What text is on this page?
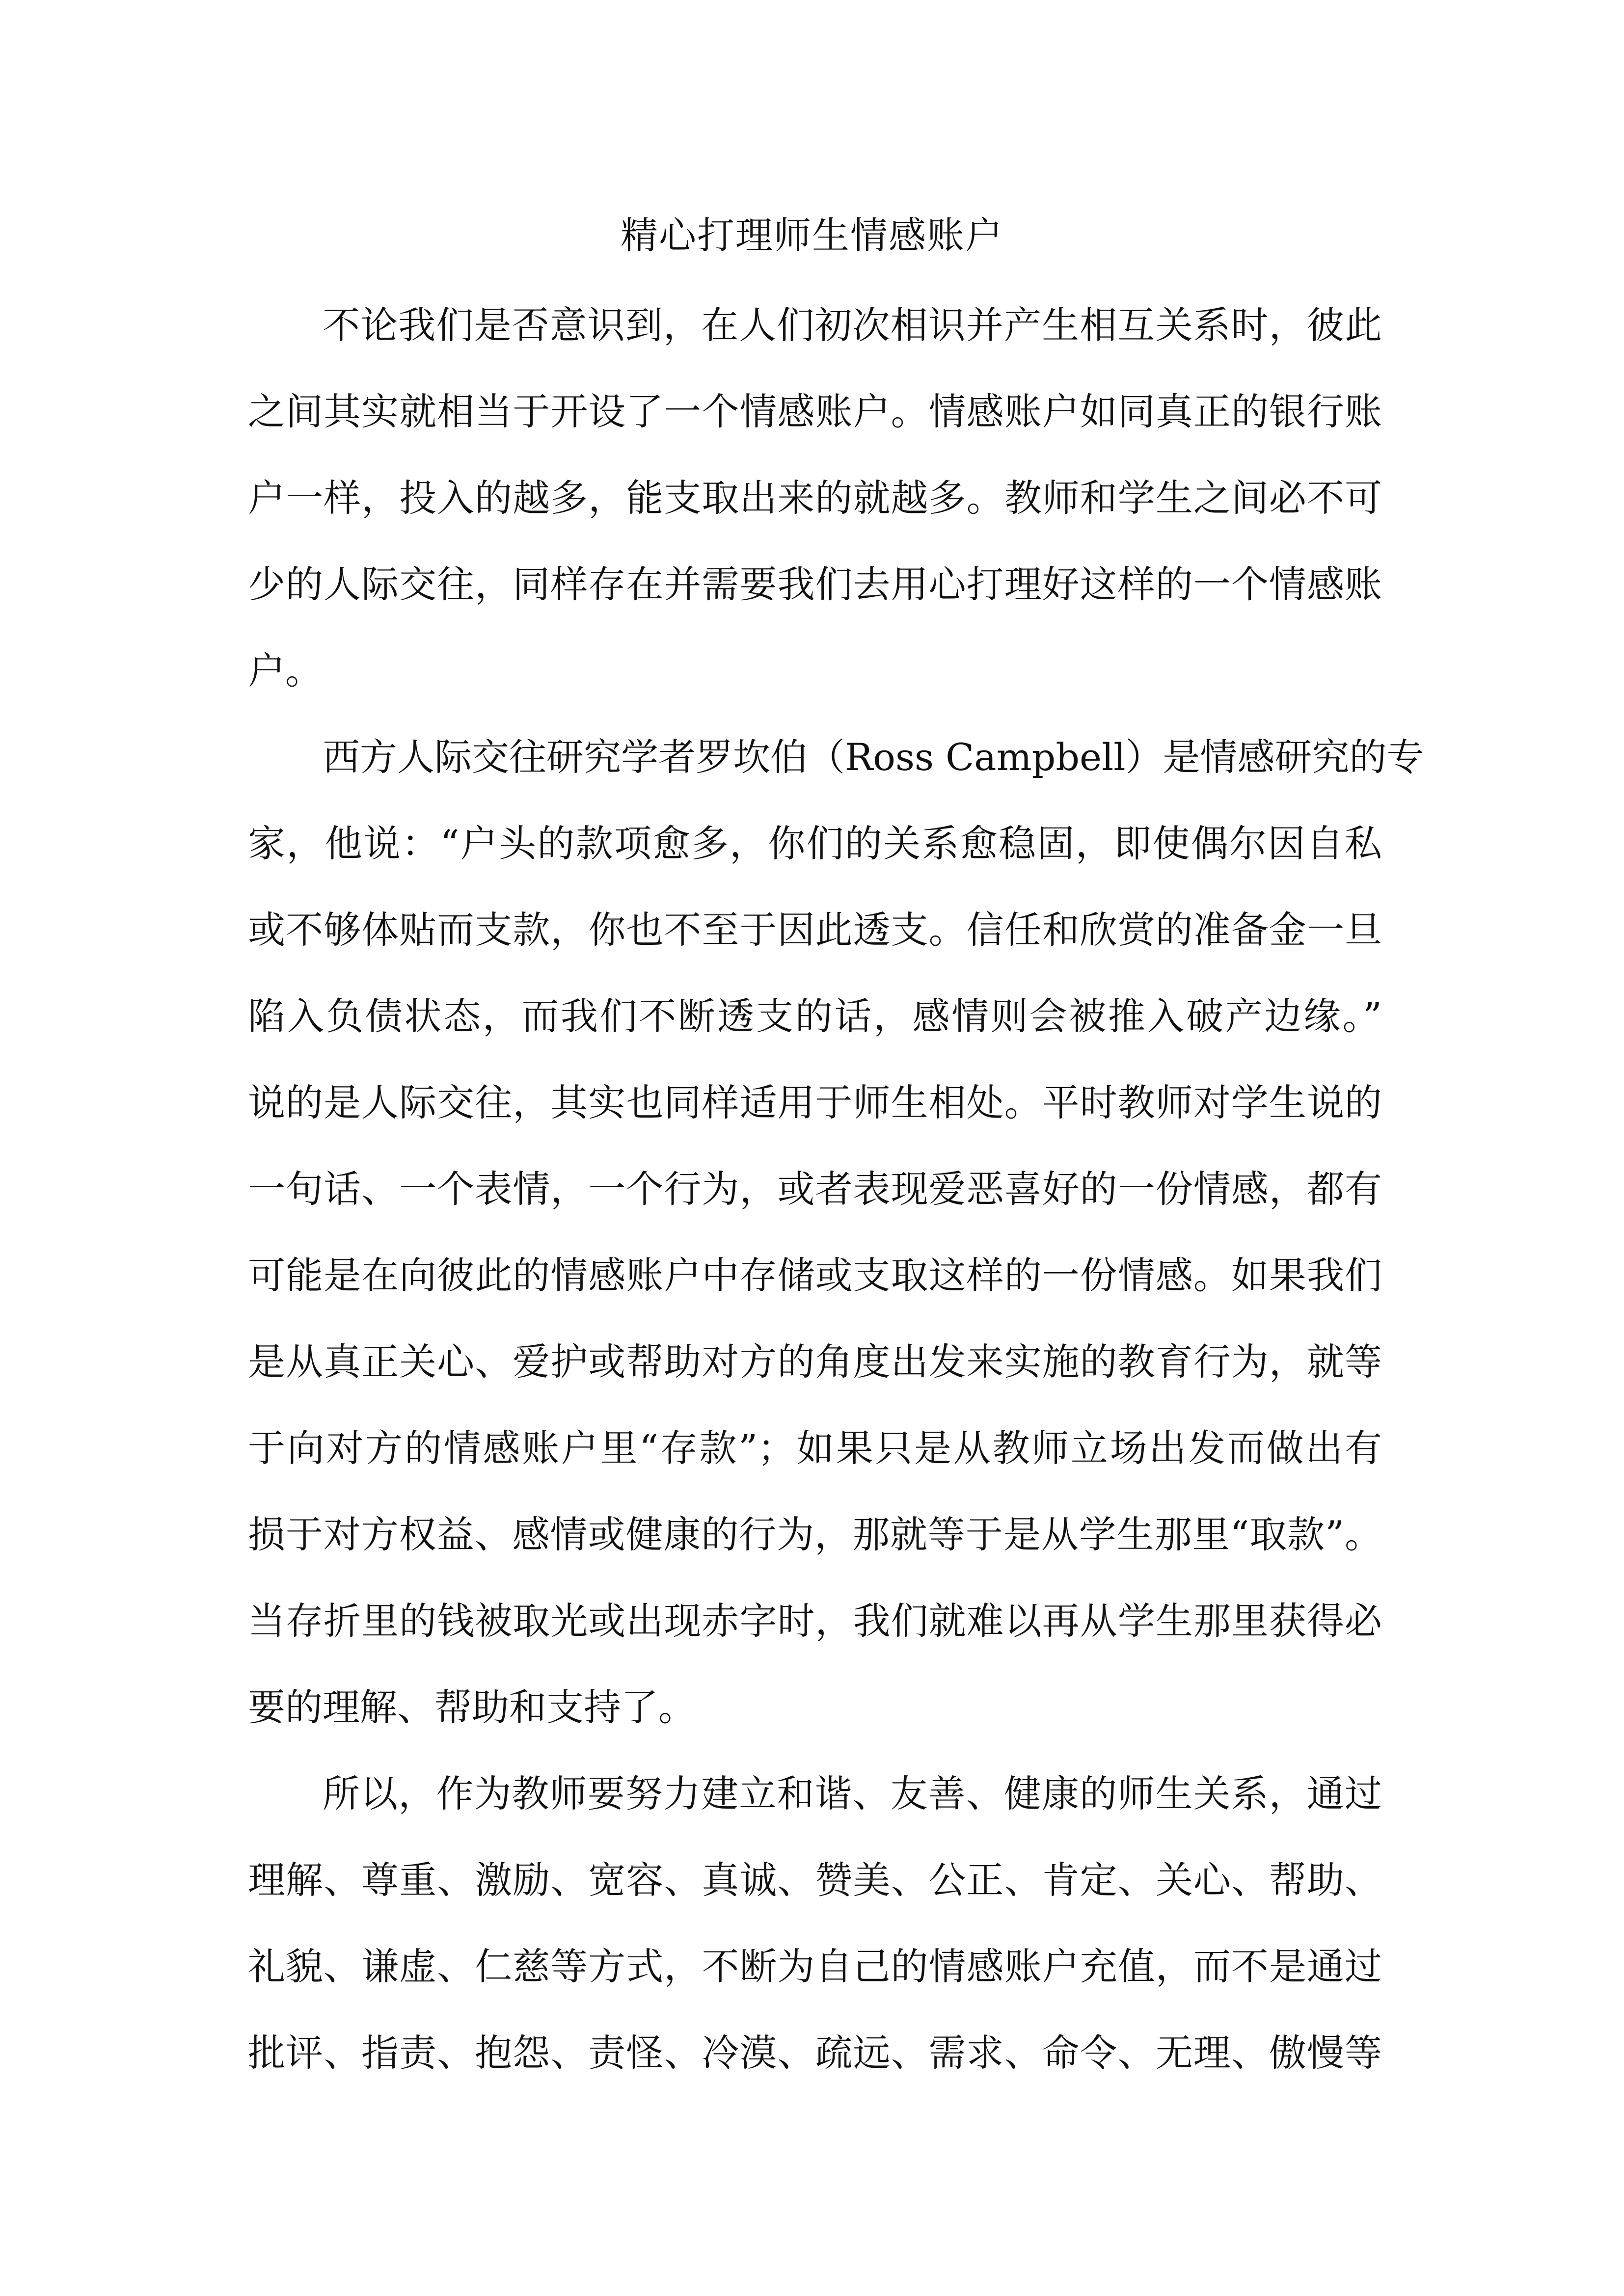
精心打理师生情感账户
不论我们是否意识到，在人们初次相识并产生相互关系时，彼此
之间其实就相当于开设了一个情感账户。情感账户如同真正的银行账
户一样，投入的越多，能支取出来的就越多。教师和学生之间必不可
少的人际交往，同样存在并需要我们去用心打理好这样的一个情感账
户。
西方人际交往研究学者罗坎伯（Ross Campbell）是情感研究的专
家，他说：“户头的款项愈多，你们的关系愈稳固，即使偶尔因自私
或不够体贴而支款，你也不至于因此透支。信任和欣赏的准备金一旦
陷入负债状态，而我们不断透支的话，感情则会被推入破产边缘。”
说的是人际交往，其实也同样适用于师生相处。平时教师对学生说的
一句话、一个表情，一个行为，或者表现爱恶喜好的一份情感，都有
可能是在向彼此的情感账户中存储或支取这样的一份情感。如果我们
是从真正关心、爱护或帮助对方的角度出发来实施的教育行为，就等
于向对方的情感账户里“存款”；如果只是从教师立场出发而做出有
损于对方权益、感情或健康的行为，那就等于是从学生那里“取款”。
当存折里的钱被取光或出现赤字时，我们就难以再从学生那里获得必
要的理解、帮助和支持了。
所以，作为教师要努力建立和谐、友善、健康的师生关系，通过
理解、尊重、激励、宽容、真诚、赞美、公正、肯定、关心、帮助、
礼貌、谦虚、仁慈等方式，不断为自己的情感账户充值，而不是通过
批评、指责、抱怨、责怪、冷漠、疏远、需求、命令、无理、傲慢等
